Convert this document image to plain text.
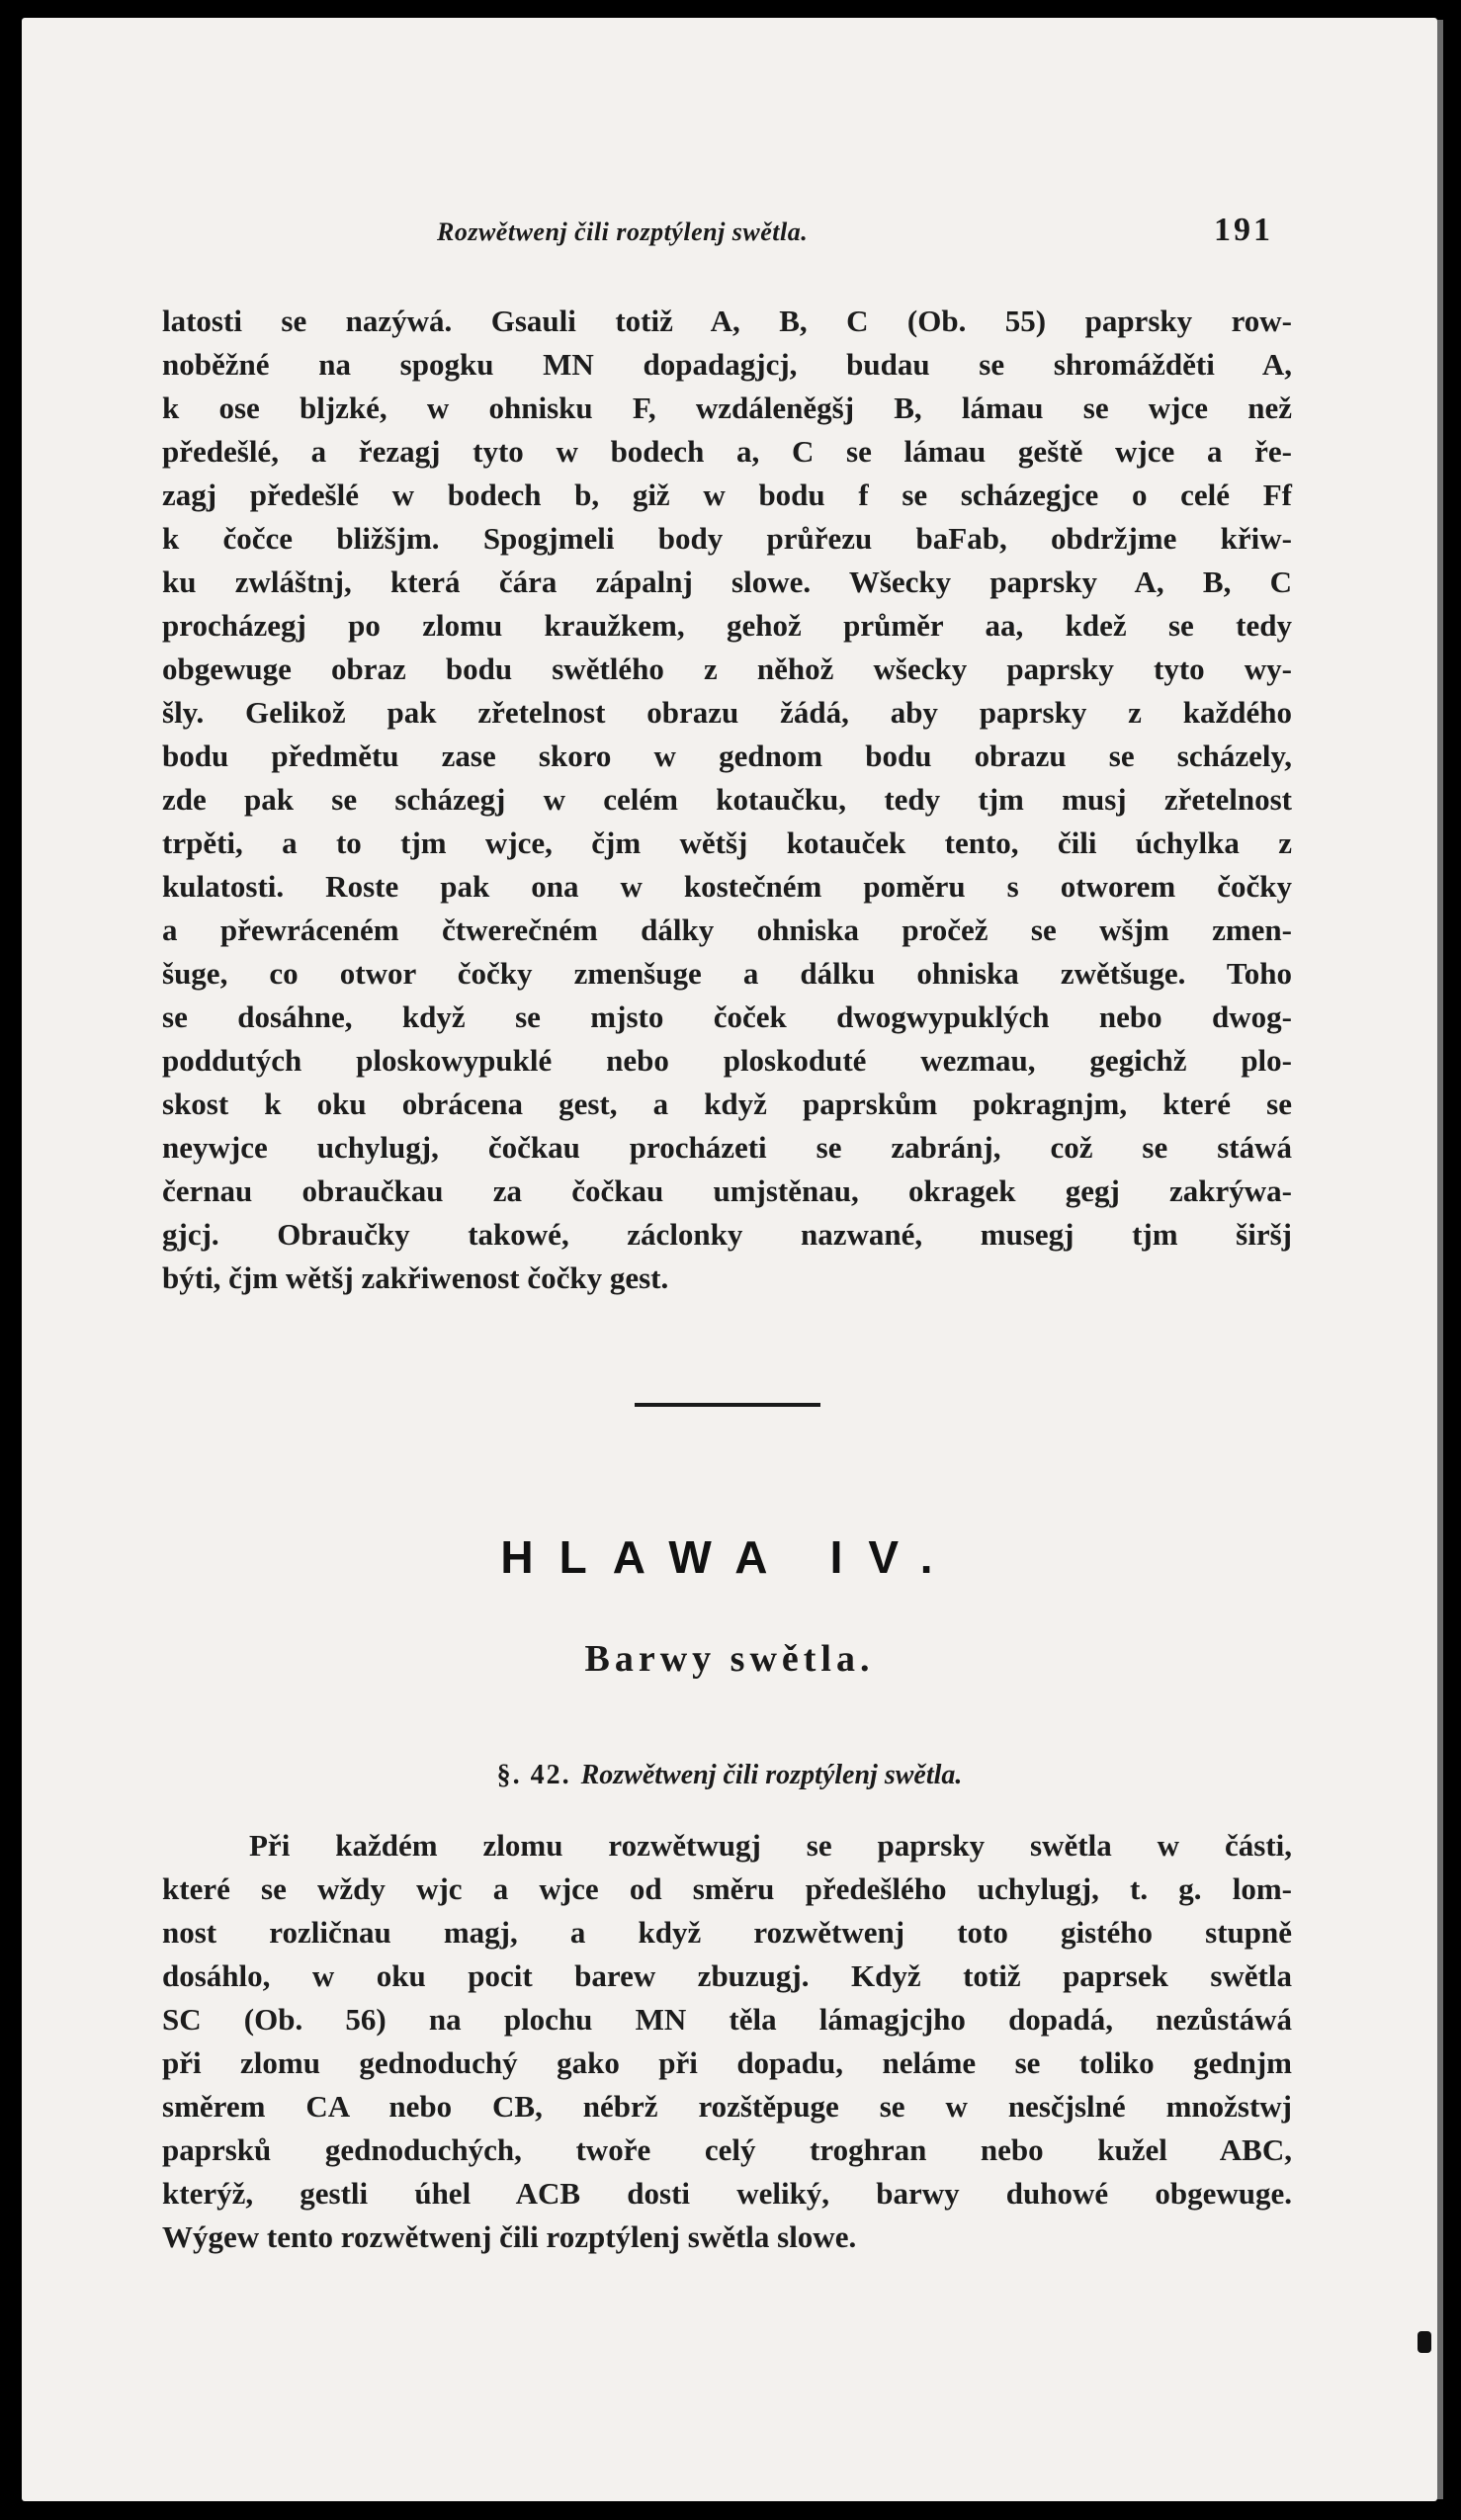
Rozwětwenj čili rozptýlenj swětla.	191
latosti se nazýwá. Gsauli totiž A, B, C (Ob. 55) paprsky row-
noběžné na spogku MN dopadagjcj, budau se shromážděti A,
k ose bljzké, w ohnisku F, wzdáleněgšj B, lámau se wjce než
předešlé, a řezagj tyto w bodech a, C se lámau geště wjce a ře-
zagj předešlé w bodech b, giž w bodu f se scházegjce o celé Ff
k čočce bližšjm. Spogjmeli body průřezu baFab, obdržjme křiw-
ku zwláštnj, která čára zápalnj slowe. Wšecky paprsky A, B, C
procházegj po zlomu kraužkem, gehož průměr aa, kdež se tedy
obgewuge obraz bodu swětlého z něhož wšecky paprsky tyto wy-
šly. Gelikož pak zřetelnost obrazu žádá, aby paprsky z každého
bodu předmětu zase skoro w gednom bodu obrazu se scházely,
zde pak se scházegj w celém kotaučku, tedy tjm musj zřetelnost
trpěti, a to tjm wjce, čjm wětšj kotauček tento, čili úchylka z
kulatosti. Roste pak ona w kostečném poměru s otworem čočky
a přewráceném čtwerečném dálky ohniska pročež se wšjm zmen-
šuge, co otwor čočky zmenšuge a dálku ohniska zwětšuge. Toho
se dosáhne, když se mjsto čoček dwogwypuklých nebo dwog-
poddutých ploskowypuklé nebo ploskoduté wezmau, gegichž plo-
skost k oku obrácena gest, a když paprskům pokragnjm, které se
neywjce uchylugj, čočkau procházeti se zabránj, což se stáwá
černau obraučkau za čočkau umjstěnau, okragek gegj zakrýwa-
gjcj. Obraučky takowé, záclonky nazwané, musegj tjm širšj
býti, čjm wětšj zakřiwenost čočky gest.
HLAWA IV.
Barwy swětla.
§. 42. Rozwětwenj čili rozptýlenj swětla.
Při každém zlomu rozwětwugj se paprsky swětla w části,
které se wždy wjc a wjce od směru předešlého uchylugj, t. g. lom-
nost rozličnau magj, a když rozwětwenj toto gistého stupně
dosáhlo, w oku pocit barew zbuzugj. Když totiž paprsek swětla
SC (Ob. 56) na plochu MN těla lámagjcjho dopadá, nezůstáwá
při zlomu gednoduchý gako při dopadu, neláme se toliko gednjm
směrem CA nebo CB, nébrž rozštěpuge se w nesčjslné množstwj
paprsků gednoduchých, twoře celý troghran nebo kužel ABC,
kterýž, gestli úhel ACB dosti weliký, barwy duhowé obgewuge.
Wýgew tento rozwětwenj čili rozptýlenj swětla slowe.
